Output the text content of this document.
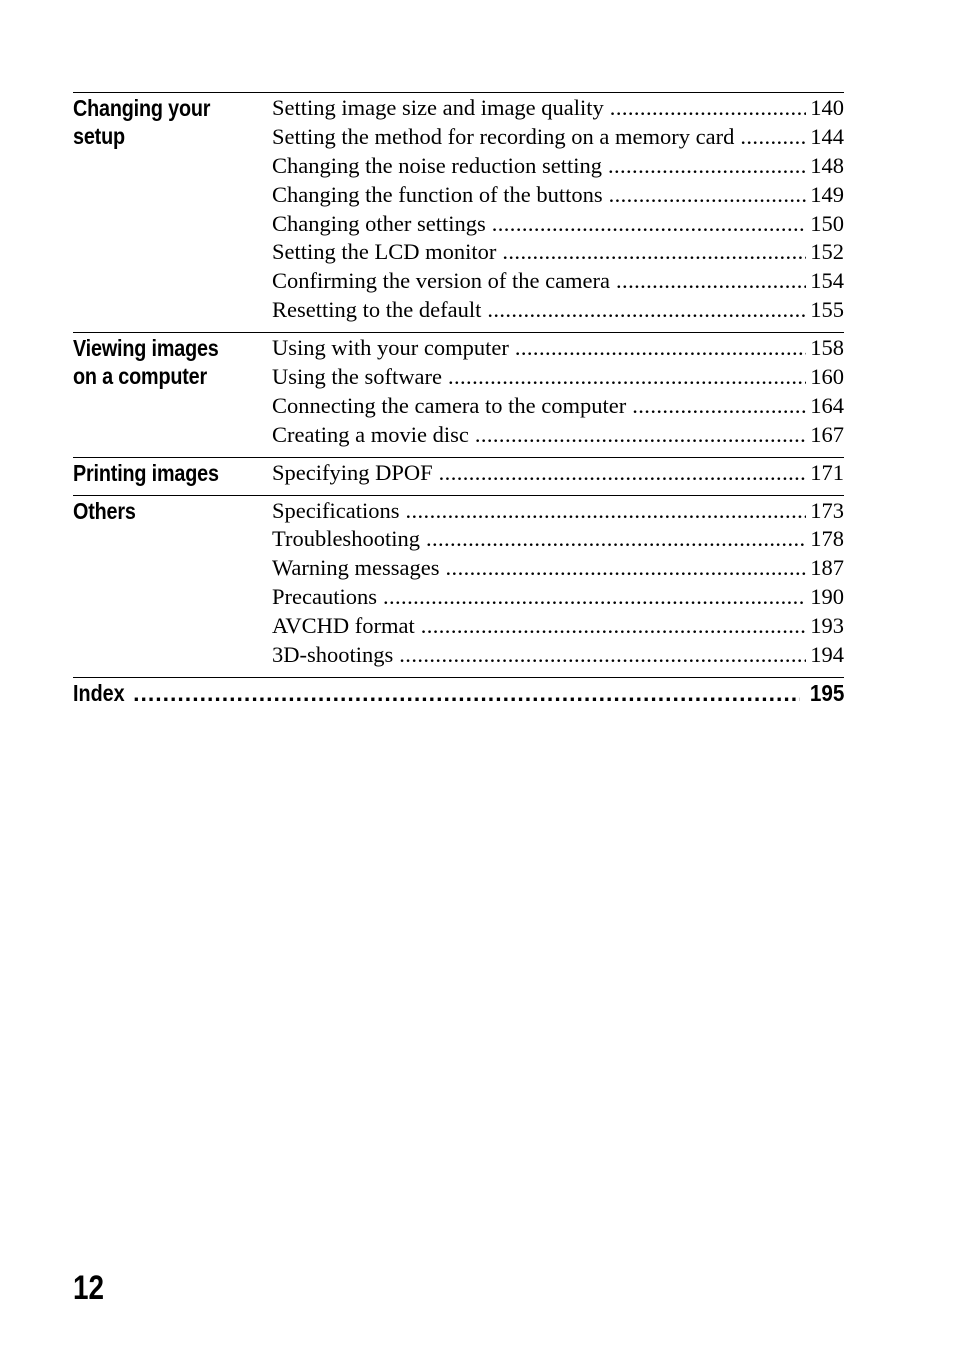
Changing your
setup
Setting image size and image quality .....	140
Setting the method for recording on a memory card .....	144
Changing the noise reduction setting .....	148
Changing the function of the buttons .....	149
Changing other settings .....	150
Setting the LCD monitor .....	152
Confirming the version of the camera .....	154
Resetting to the default .....	155
Viewing images
on a computer
Using with your computer .....	158
Using the software .....	160
Connecting the camera to the computer .....	164
Creating a movie disc .....	167
Printing images	Specifying DPOF .....	171
Others	Specifications .....	173
Troubleshooting .....	178
Warning messages .....	187
Precautions .....	190
AVCHD format .....	193
3D-shootings .....	194
Index .....	195
12
